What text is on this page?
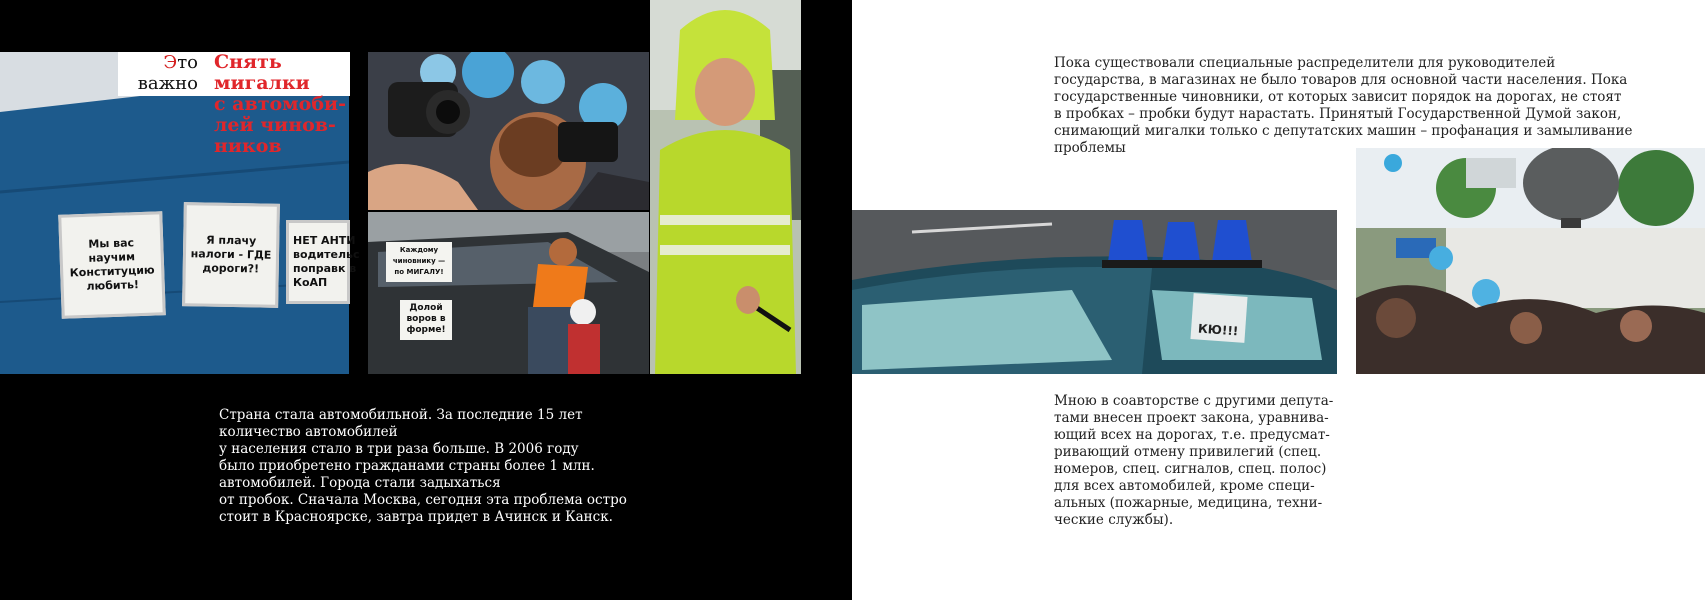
Это
важно
Снять
мигалки
с автомоби-
лей чинов-
ников
Мы вас научим Конституцию любить!
Я плачу налоги - ГДЕ дороги?!
НЕТ АНТИ водительс поправк в КоАП
Каждому чиновнику — по МИГАЛУ!
Долой воров в форме!
Страна стала автомобильной. За последние 15 лет
количество автомобилей
у населения стало в три раза больше. В 2006 году
было приобретено гражданами страны более 1 млн.
автомобилей. Города стали задыхаться
от пробок. Сначала Москва, сегодня эта проблема остро
стоит в Красноярске, завтра придет в Ачинск и Канск.
Пока существовали специальные распределители для руководителей
государства, в магазинах не было товаров для основной части населения. Пока
государственные чиновники, от которых зависит порядок на дорогах, не стоят
в пробках – пробки будут нарастать. Принятый Государственной Думой закон,
снимающий мигалки только с депутатских машин – профанация и замыливание
проблемы
КЮ!!!
Мною в соавторстве с другими депута-
тами внесен проект закона, уравнива-
ющий всех на дорогах, т.е. предусмат-
ривающий отмену привилегий (спец.
номеров, спец. сигналов, спец. полос)
для всех автомобилей, кроме специ-
альных (пожарные, медицина, техни-
ческие службы).
